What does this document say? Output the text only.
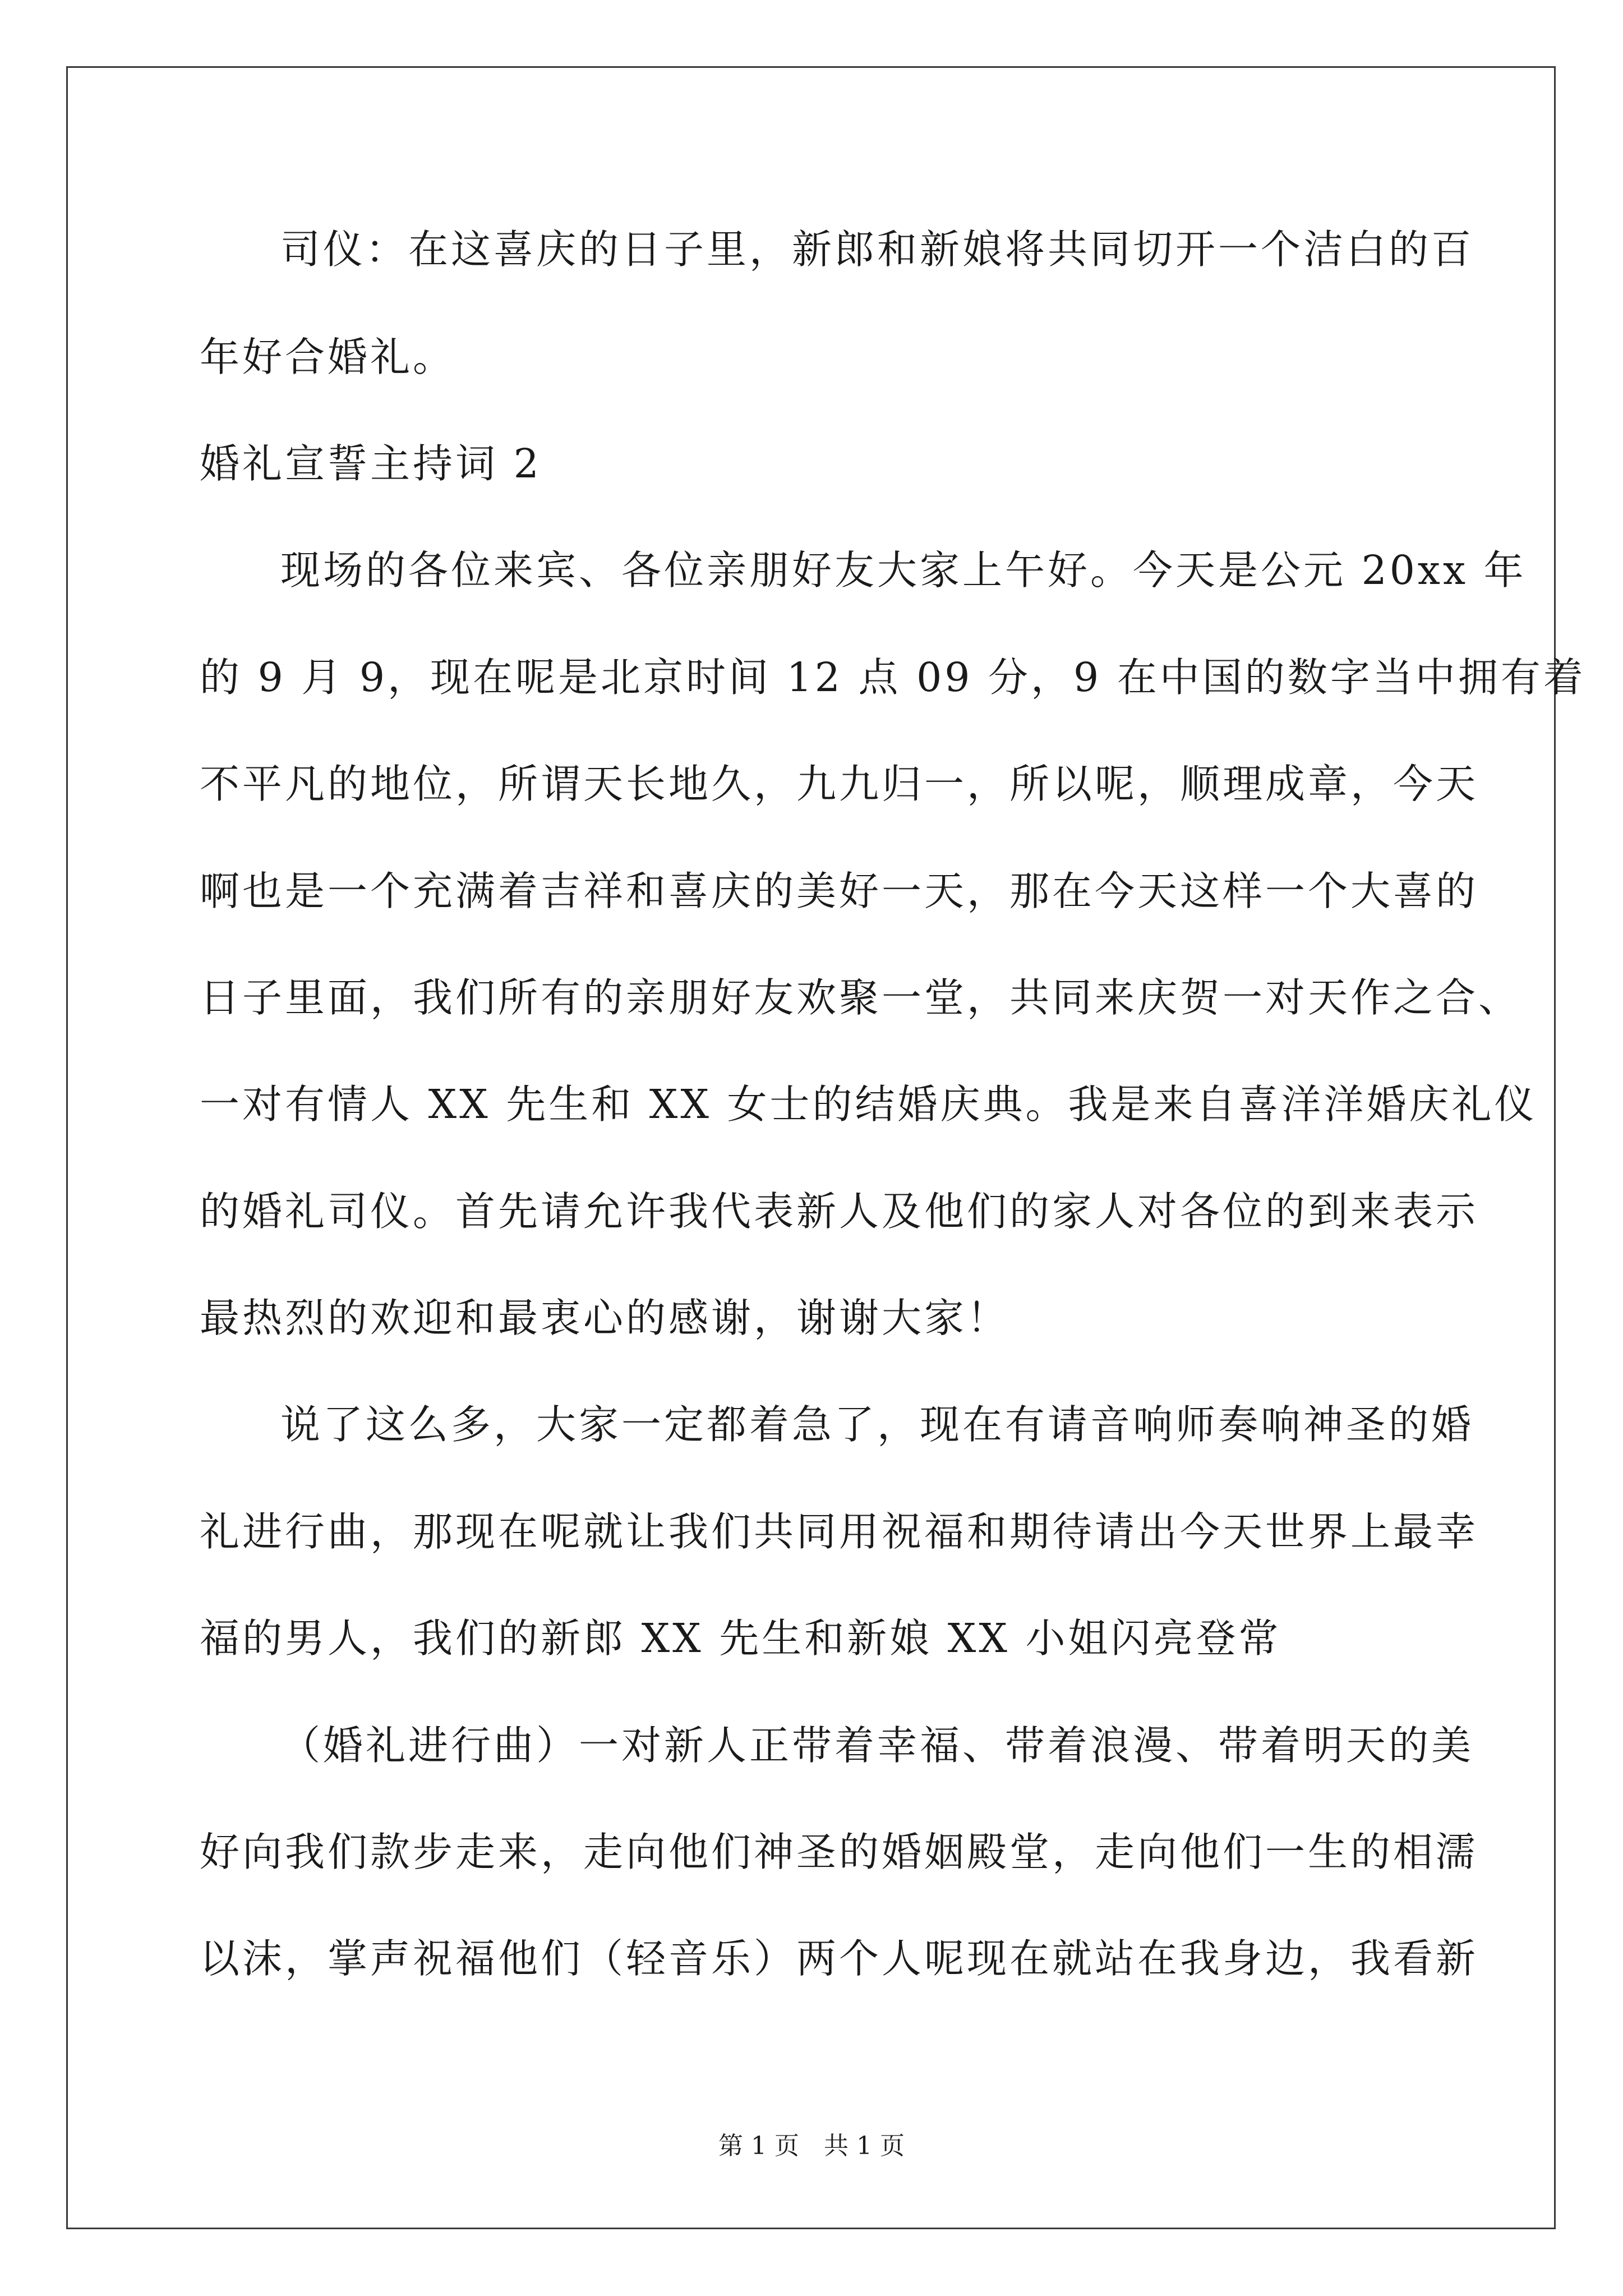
司仪：在这喜庆的日子里，新郎和新娘将共同切开一个洁白的百
年好合婚礼。
婚礼宣誓主持词 2
现场的各位来宾、各位亲朋好友大家上午好。今天是公元 20xx 年
的 9 月 9，现在呢是北京时间 12 点 09 分，9 在中国的数字当中拥有着
不平凡的地位，所谓天长地久，九九归一，所以呢，顺理成章，今天
啊也是一个充满着吉祥和喜庆的美好一天，那在今天这样一个大喜的
日子里面，我们所有的亲朋好友欢聚一堂，共同来庆贺一对天作之合、
一对有情人 XX 先生和 XX 女士的结婚庆典。我是来自喜洋洋婚庆礼仪
的婚礼司仪。首先请允许我代表新人及他们的家人对各位的到来表示
最热烈的欢迎和最衷心的感谢，谢谢大家！
说了这么多，大家一定都着急了，现在有请音响师奏响神圣的婚
礼进行曲，那现在呢就让我们共同用祝福和期待请出今天世界上最幸
福的男人，我们的新郎 XX 先生和新娘 XX 小姐闪亮登常
（婚礼进行曲）一对新人正带着幸福、带着浪漫、带着明天的美
好向我们款步走来，走向他们神圣的婚姻殿堂，走向他们一生的相濡
以沫，掌声祝福他们（轻音乐）两个人呢现在就站在我身边，我看新
第 1 页　共 1 页
